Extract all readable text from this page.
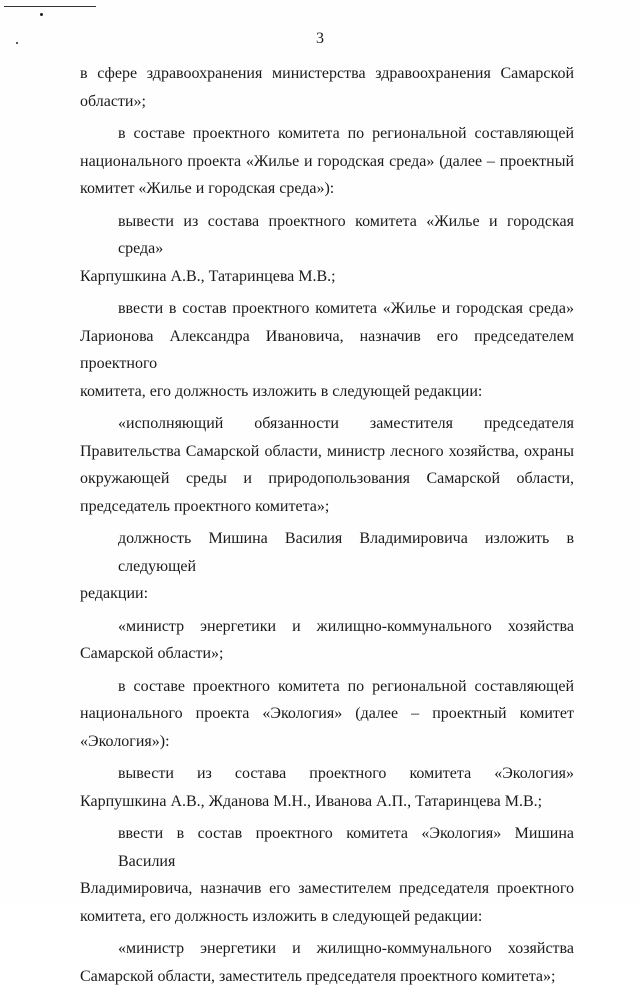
3
в сфере здравоохранения министерства здравоохранения Самарской
области»;
в составе проектного комитета по региональной составляющей
национального проекта «Жилье и городская среда» (далее – проектный
комитет «Жилье и городская среда»):
вывести из состава проектного комитета «Жилье и городская среда»
Карпушкина А.В., Татаринцева М.В.;
ввести в состав проектного комитета «Жилье и городская среда»
Ларионова Александра Ивановича, назначив его председателем проектного
комитета, его должность изложить в следующей редакции:
«исполняющий обязанности заместителя председателя
Правительства Самарской области, министр лесного хозяйства, охраны
окружающей среды и природопользования Самарской области,
председатель проектного комитета»;
должность Мишина Василия Владимировича изложить в следующей
редакции:
«министр энергетики и жилищно-коммунального хозяйства
Самарской области»;
в составе проектного комитета по региональной составляющей
национального проекта «Экология» (далее – проектный комитет
«Экология»):
вывести из состава проектного комитета «Экология»
Карпушкина А.В., Жданова М.Н., Иванова А.П., Татаринцева М.В.;
ввести в состав проектного комитета «Экология» Мишина Василия
Владимировича, назначив его заместителем председателя проектного
комитета, его должность изложить в следующей редакции:
«министр энергетики и жилищно-коммунального хозяйства
Самарской области, заместитель председателя проектного комитета»;
